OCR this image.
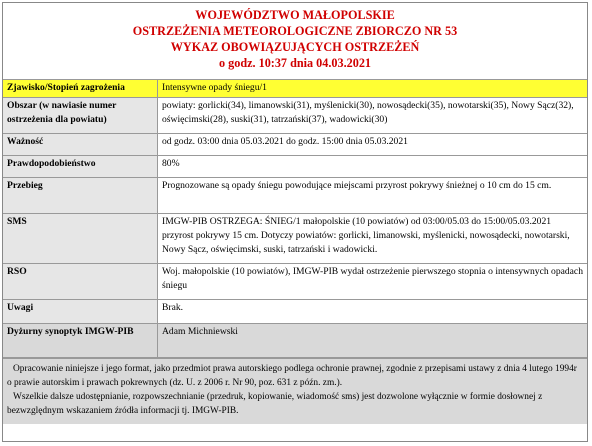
WOJEWÓDZTWO MAŁOPOLSKIE
OSTRZEŻENIA METEOROLOGICZNE ZBIORCZO NR 53
WYKAZ OBOWIĄZUJĄCYCH OSTRZEŻEŃ
o godz. 10:37 dnia 04.03.2021
Zjawisko/Stopień zagrożenia	Intensywne opady śniegu/1
Obszar (w nawiasie numer ostrzeżenia dla powiatu)	powiaty: gorlicki(34), limanowski(31), myślenicki(30), nowosądecki(35), nowotarski(35), Nowy Sącz(32), oświęcimski(28), suski(31), tatrzański(37), wadowicki(30)
Ważność	od godz. 03:00 dnia 05.03.2021 do godz. 15:00 dnia 05.03.2021
Prawdopodobieństwo	80%
Przebieg	Prognozowane są opady śniegu powodujące miejscami przyrost pokrywy śnieżnej o 10 cm do 15 cm.
SMS	IMGW-PIB OSTRZEGA: ŚNIEG/1 małopolskie (10 powiatów) od 03:00/05.03 do 15:00/05.03.2021 przyrost pokrywy 15 cm. Dotyczy powiatów: gorlicki, limanowski, myślenicki, nowosądecki, nowotarski, Nowy Sącz, oświęcimski, suski, tatrzański i wadowicki.
RSO	Woj. małopolskie (10 powiatów), IMGW-PIB wydał ostrzeżenie pierwszego stopnia o intensywnych opadach śniegu
Uwagi	Brak.
Dyżurny synoptyk IMGW-PIB	Adam Michniewski

Opracowanie niniejsze i jego format, jako przedmiot prawa autorskiego podlega ochronie prawnej, zgodnie z przepisami ustawy z dnia 4 lutego 1994r o prawie autorskim i prawach pokrewnych (dz. U. z 2006 r. Nr 90, poz. 631 z późn. zm.).

Wszelkie dalsze udostępnianie, rozpowszechnianie (przedruk, kopiowanie, wiadomość sms) jest dozwolone wyłącznie w formie dosłownej z bezwzględnym wskazaniem źródła informacji tj. IMGW-PIB.
